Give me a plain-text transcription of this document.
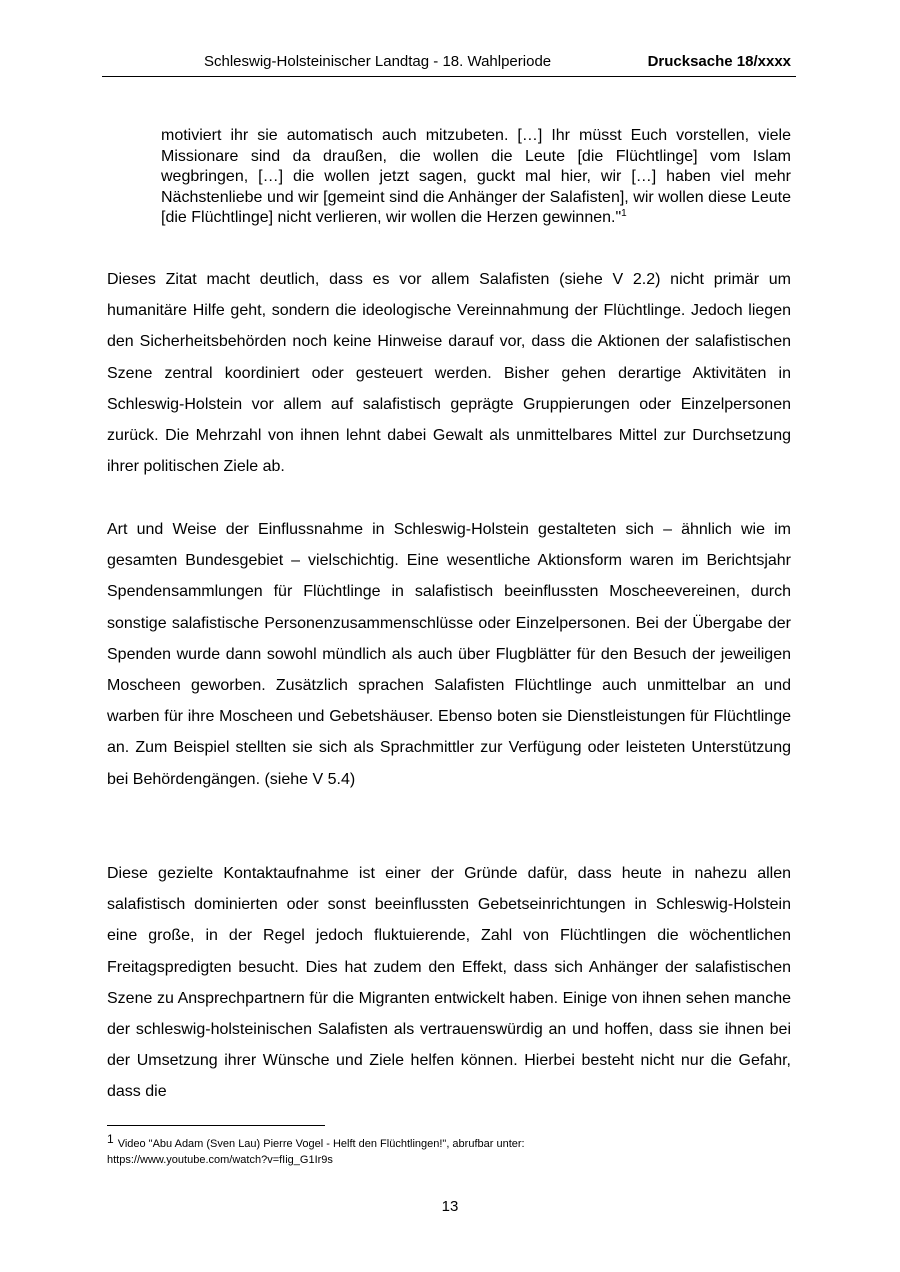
Schleswig-Holsteinischer Landtag - 18. Wahlperiode	Drucksache 18/xxxx
motiviert ihr sie automatisch auch mitzubeten. […] Ihr müsst Euch vorstellen, viele Missionare sind da draußen, die wollen die Leute [die Flüchtlinge] vom Islam wegbringen, […] die wollen jetzt sagen, guckt mal hier, wir […] haben viel mehr Nächstenliebe und wir [gemeint sind die Anhänger der Salafisten], wir wollen diese Leute [die Flüchtlinge] nicht verlieren, wir wollen die Herzen gewinnen."$^1$

Dieses Zitat macht deutlich, dass es vor allem Salafisten (siehe V 2.2) nicht primär um humanitäre Hilfe geht, sondern die ideologische Vereinnahmung der Flüchtlinge. Jedoch liegen den Sicherheitsbehörden noch keine Hinweise darauf vor, dass die Aktionen der salafistischen Szene zentral koordiniert oder gesteuert werden. Bisher gehen derartige Aktivitäten in Schleswig-Holstein vor allem auf salafistisch geprägte Gruppierungen oder Einzelpersonen zurück. Die Mehrzahl von ihnen lehnt dabei Gewalt als unmittelbares Mittel zur Durchsetzung ihrer politischen Ziele ab.

Art und Weise der Einflussnahme in Schleswig-Holstein gestalteten sich – ähnlich wie im gesamten Bundesgebiet – vielschichtig. Eine wesentliche Aktionsform waren im Berichtsjahr Spendensammlungen für Flüchtlinge in salafistisch beeinflussten Moscheevereinen, durch sonstige salafistische Personenzusammenschlüsse oder Einzelpersonen. Bei der Übergabe der Spenden wurde dann sowohl mündlich als auch über Flugblätter für den Besuch der jeweiligen Moscheen geworben. Zusätzlich sprachen Salafisten Flüchtlinge auch unmittelbar an und warben für ihre Moscheen und Gebetshäuser. Ebenso boten sie Dienstleistungen für Flüchtlinge an. Zum Beispiel stellten sie sich als Sprachmittler zur Verfügung oder leisteten Unterstützung bei Behördengängen. (siehe V 5.4)

Diese gezielte Kontaktaufnahme ist einer der Gründe dafür, dass heute in nahezu allen salafistisch dominierten oder sonst beeinflussten Gebetseinrichtungen in Schleswig-Holstein eine große, in der Regel jedoch fluktuierende, Zahl von Flüchtlingen die wöchentlichen Freitagspredigten besucht. Dies hat zudem den Effekt, dass sich Anhänger der salafistischen Szene zu Ansprechpartnern für die Migranten entwickelt haben. Einige von ihnen sehen manche der schleswig-holsteinischen Salafisten als vertrauenswürdig an und hoffen, dass sie ihnen bei der Umsetzung ihrer Wünsche und Ziele helfen können. Hierbei besteht nicht nur die Gefahr, dass die

1 Video "Abu Adam (Sven Lau) Pierre Vogel - Helft den Flüchtlingen!", abrufbar unter:
https://www.youtube.com/watch?v=fIig_G1Ir9s
13
